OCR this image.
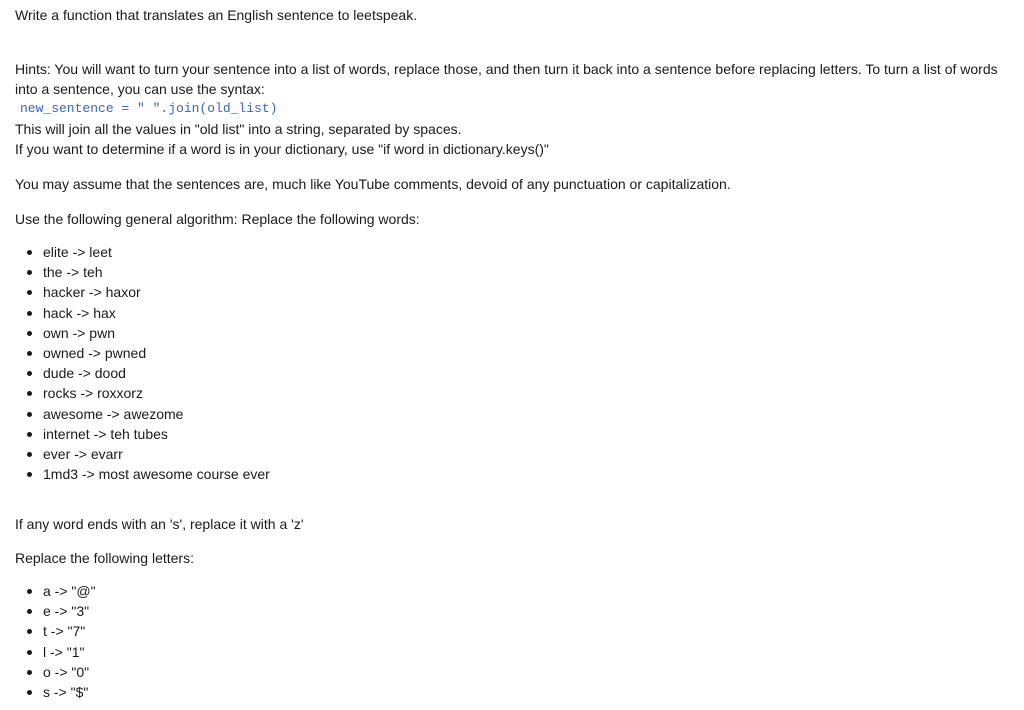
Write a function that translates an English sentence to leetspeak.
Hints: You will want to turn your sentence into a list of words, replace those, and then turn it back into a sentence before replacing letters. To turn a list of words
into a sentence, you can use the syntax:
new_sentence = " ".join(old_list)
This will join all the values in "old list" into a string, separated by spaces.
If you want to determine if a word is in your dictionary, use "if word in dictionary.keys()"
You may assume that the sentences are, much like YouTube comments, devoid of any punctuation or capitalization.
Use the following general algorithm: Replace the following words:
elite -> leet
the -> teh
hacker -> haxor
hack -> hax
own -> pwn
owned -> pwned
dude -> dood
rocks -> roxxorz
awesome -> awezome
internet -> teh tubes
ever -> evarr
1md3 -> most awesome course ever
If any word ends with an 's', replace it with a 'z'
Replace the following letters:
a -> "@"
e -> "3"
t -> "7"
l -> "1"
o -> "0"
s -> "$"
